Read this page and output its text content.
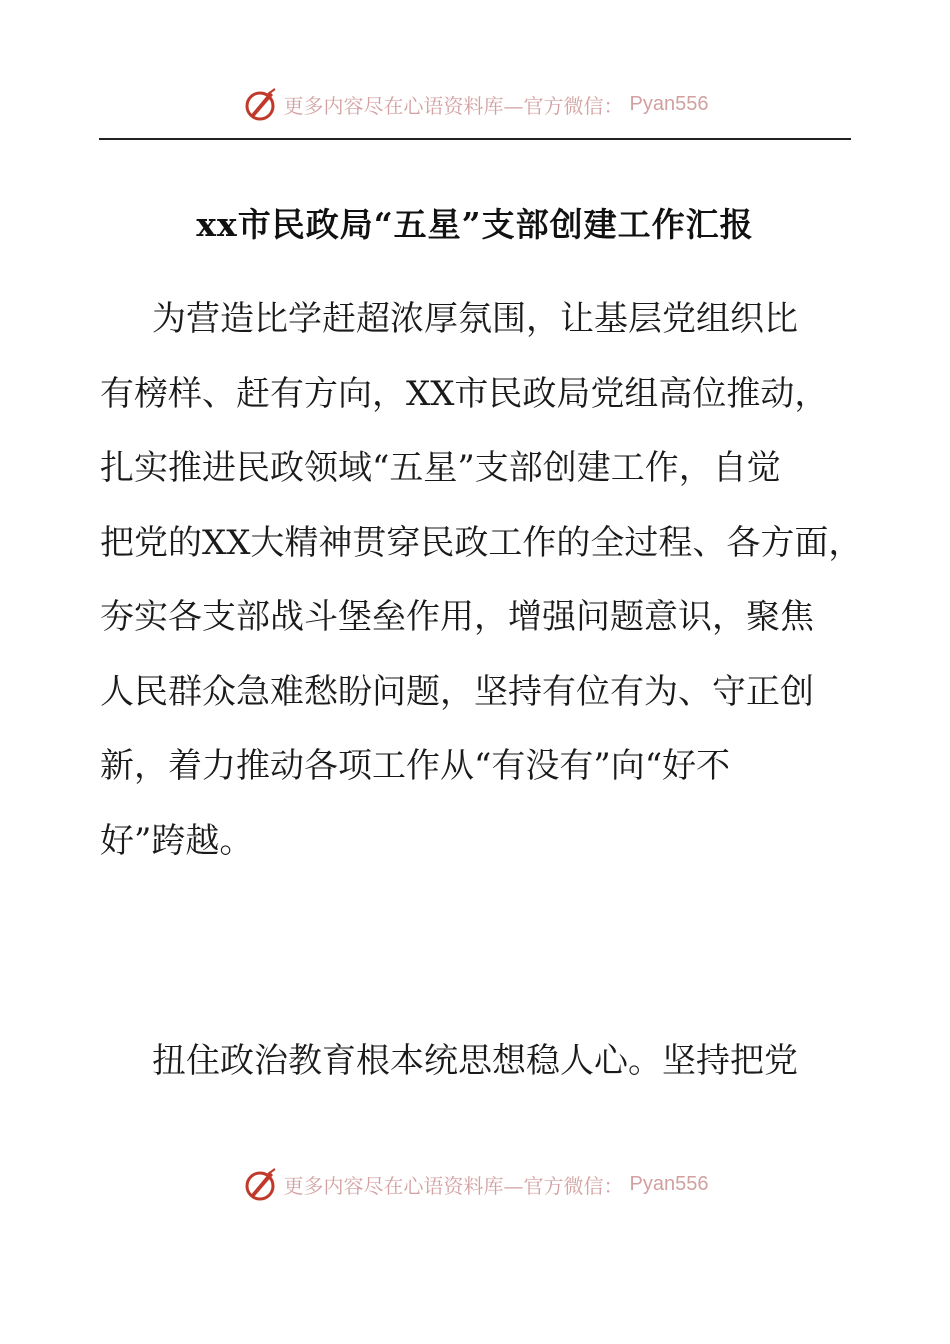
更多内容尽在心语资料库—官方微信： Pyan556
xx市民政局“五星”支部创建工作汇报
为营造比学赶超浓厚氛围，让基层党组织比
有榜样、赶有方向，XX市民政局党组高位推动，
扎实推进民政领域“五星”支部创建工作，自觉
把党的XX大精神贯穿民政工作的全过程、各方面，
夯实各支部战斗堡垒作用，增强问题意识，聚焦
人民群众急难愁盼问题，坚持有位有为、守正创
新，着力推动各项工作从“有没有”向“好不
好”跨越。
扭住政治教育根本统思想稳人心。坚持把党
更多内容尽在心语资料库—官方微信： Pyan556
